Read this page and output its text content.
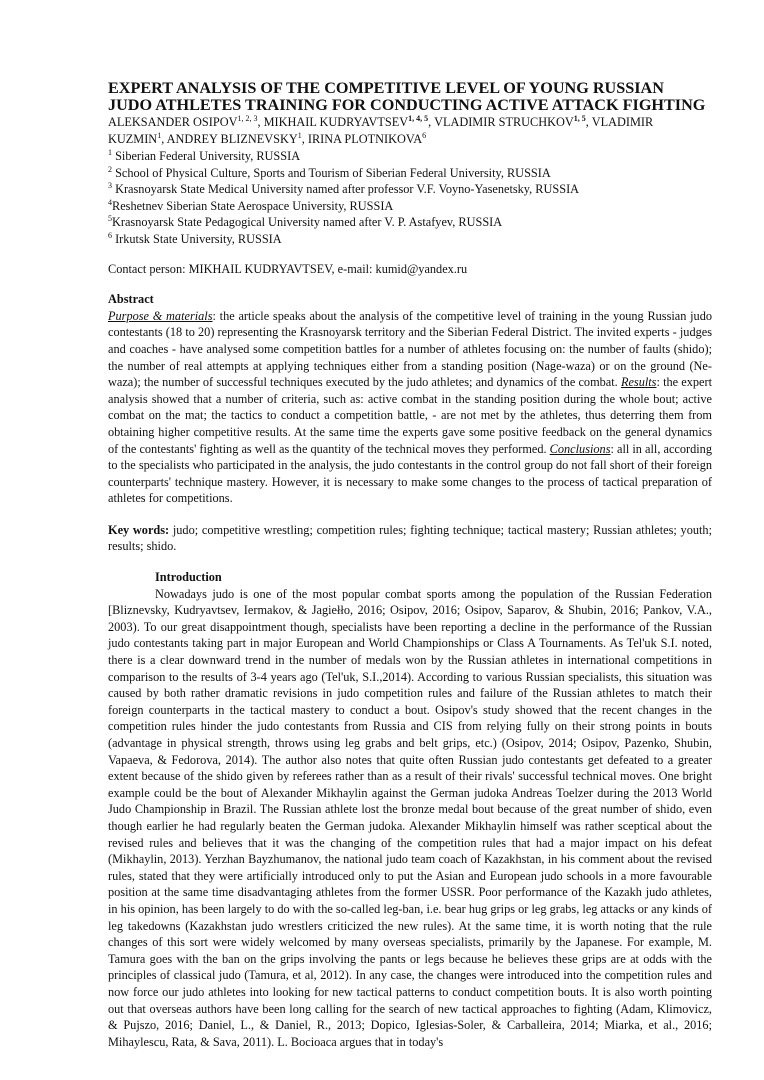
EXPERT ANALYSIS OF THE COMPETITIVE LEVEL OF YOUNG RUSSIAN JUDO ATHLETES TRAINING FOR CONDUCTING ACTIVE ATTACK FIGHTING

ALEKSANDER OSIPOV$^{1, 2, 3}$, MIKHAIL KUDRYAVTSEV$^{1, 4, 5}$, VLADIMIR STRUCHKOV$^{1, 5}$, VLADIMIR KUZMIN$^1$, ANDREY BLIZNEVSKY$^1$, IRINA PLOTNIKOVA$^6$

$^1$ Siberian Federal University, RUSSIA

$^2$ School of Physical Culture, Sports and Tourism of Siberian Federal University, RUSSIA

$^3$ Krasnoyarsk State Medical University named after professor V.F. Voyno-Yasenetsky, RUSSIA

$^4$Reshetnev Siberian State Aerospace University, RUSSIA

$^5$Krasnoyarsk State Pedagogical University named after V. P. Astafyev, RUSSIA

$^6$ Irkutsk State University, RUSSIA

Contact person: MIKHAIL KUDRYAVTSEV, e-mail: kumid@yandex.ru

Abstract

Purpose & materials: the article speaks about the analysis of the competitive level of training in the young Russian judo contestants (18 to 20) representing the Krasnoyarsk territory and the Siberian Federal District. The invited experts - judges and coaches - have analysed some competition battles for a number of athletes focusing on: the number of faults (shido); the number of real attempts at applying techniques either from a standing position (Nage-waza) or on the ground (Ne-waza); the number of successful techniques executed by the judo athletes; and dynamics of the combat. Results: the expert analysis showed that a number of criteria, such as: active combat in the standing position during the whole bout; active combat on the mat; the tactics to conduct a competition battle, - are not met by the athletes, thus deterring them from obtaining higher competitive results. At the same time the experts gave some positive feedback on the general dynamics of the contestants' fighting as well as the quantity of the technical moves they performed. Conclusions: all in all, according to the specialists who participated in the analysis, the judo contestants in the control group do not fall short of their foreign counterparts' technique mastery. However, it is necessary to make some changes to the process of tactical preparation of athletes for competitions.

Key words: judo; competitive wrestling; competition rules; fighting technique; tactical mastery; Russian athletes; youth; results; shido.

Introduction

Nowadays judo is one of the most popular combat sports among the population of the Russian Federation [Bliznevsky, Kudryavtsev, Iermakov, & Jagiełło, 2016; Osipov, 2016; Osipov, Saparov, & Shubin, 2016; Pankov, V.A., 2003). To our great disappointment though, specialists have been reporting a decline in the performance of the Russian judo contestants taking part in major European and World Championships or Class A Tournaments. As Tel'uk S.I. noted, there is a clear downward trend in the number of medals won by the Russian athletes in international competitions in comparison to the results of 3-4 years ago (Tel'uk, S.I.,2014). According to various Russian specialists, this situation was caused by both rather dramatic revisions in judo competition rules and failure of the Russian athletes to match their foreign counterparts in the tactical mastery to conduct a bout. Osipov's study showed that the recent changes in the competition rules hinder the judo contestants from Russia and CIS from relying fully on their strong points in bouts (advantage in physical strength, throws using leg grabs and belt grips, etc.) (Osipov, 2014; Osipov, Pazenko, Shubin, Vapaeva, & Fedorova, 2014). The author also notes that quite often Russian judo contestants get defeated to a greater extent because of the shido given by referees rather than as a result of their rivals' successful technical moves. One bright example could be the bout of Alexander Mikhaylin against the German judoka Andreas Toelzer during the 2013 World Judo Championship in Brazil. The Russian athlete lost the bronze medal bout because of the great number of shido, even though earlier he had regularly beaten the German judoka. Alexander Mikhaylin himself was rather sceptical about the revised rules and believes that it was the changing of the competition rules that had a major impact on his defeat (Mikhaylin, 2013). Yerzhan Bayzhumanov, the national judo team coach of Kazakhstan, in his comment about the revised rules, stated that they were artificially introduced only to put the Asian and European judo schools in a more favourable position at the same time disadvantaging athletes from the former USSR. Poor performance of the Kazakh judo athletes, in his opinion, has been largely to do with the so-called leg-ban, i.e. bear hug grips or leg grabs, leg attacks or any kinds of leg takedowns (Kazakhstan judo wrestlers criticized the new rules). At the same time, it is worth noting that the rule changes of this sort were widely welcomed by many overseas specialists, primarily by the Japanese. For example, M. Tamura goes with the ban on the grips involving the pants or legs because he believes these grips are at odds with the principles of classical judo (Tamura, et al, 2012). In any case, the changes were introduced into the competition rules and now force our judo athletes into looking for new tactical patterns to conduct competition bouts. It is also worth pointing out that overseas authors have been long calling for the search of new tactical approaches to fighting (Adam, Klimovicz, & Pujszo, 2016; Daniel, L., & Daniel, R., 2013; Dopico, Iglesias-Soler, & Carballeira, 2014; Miarka, et al., 2016; Mihaylescu, Rata, & Sava, 2011). L. Bocioaca argues that in today's
